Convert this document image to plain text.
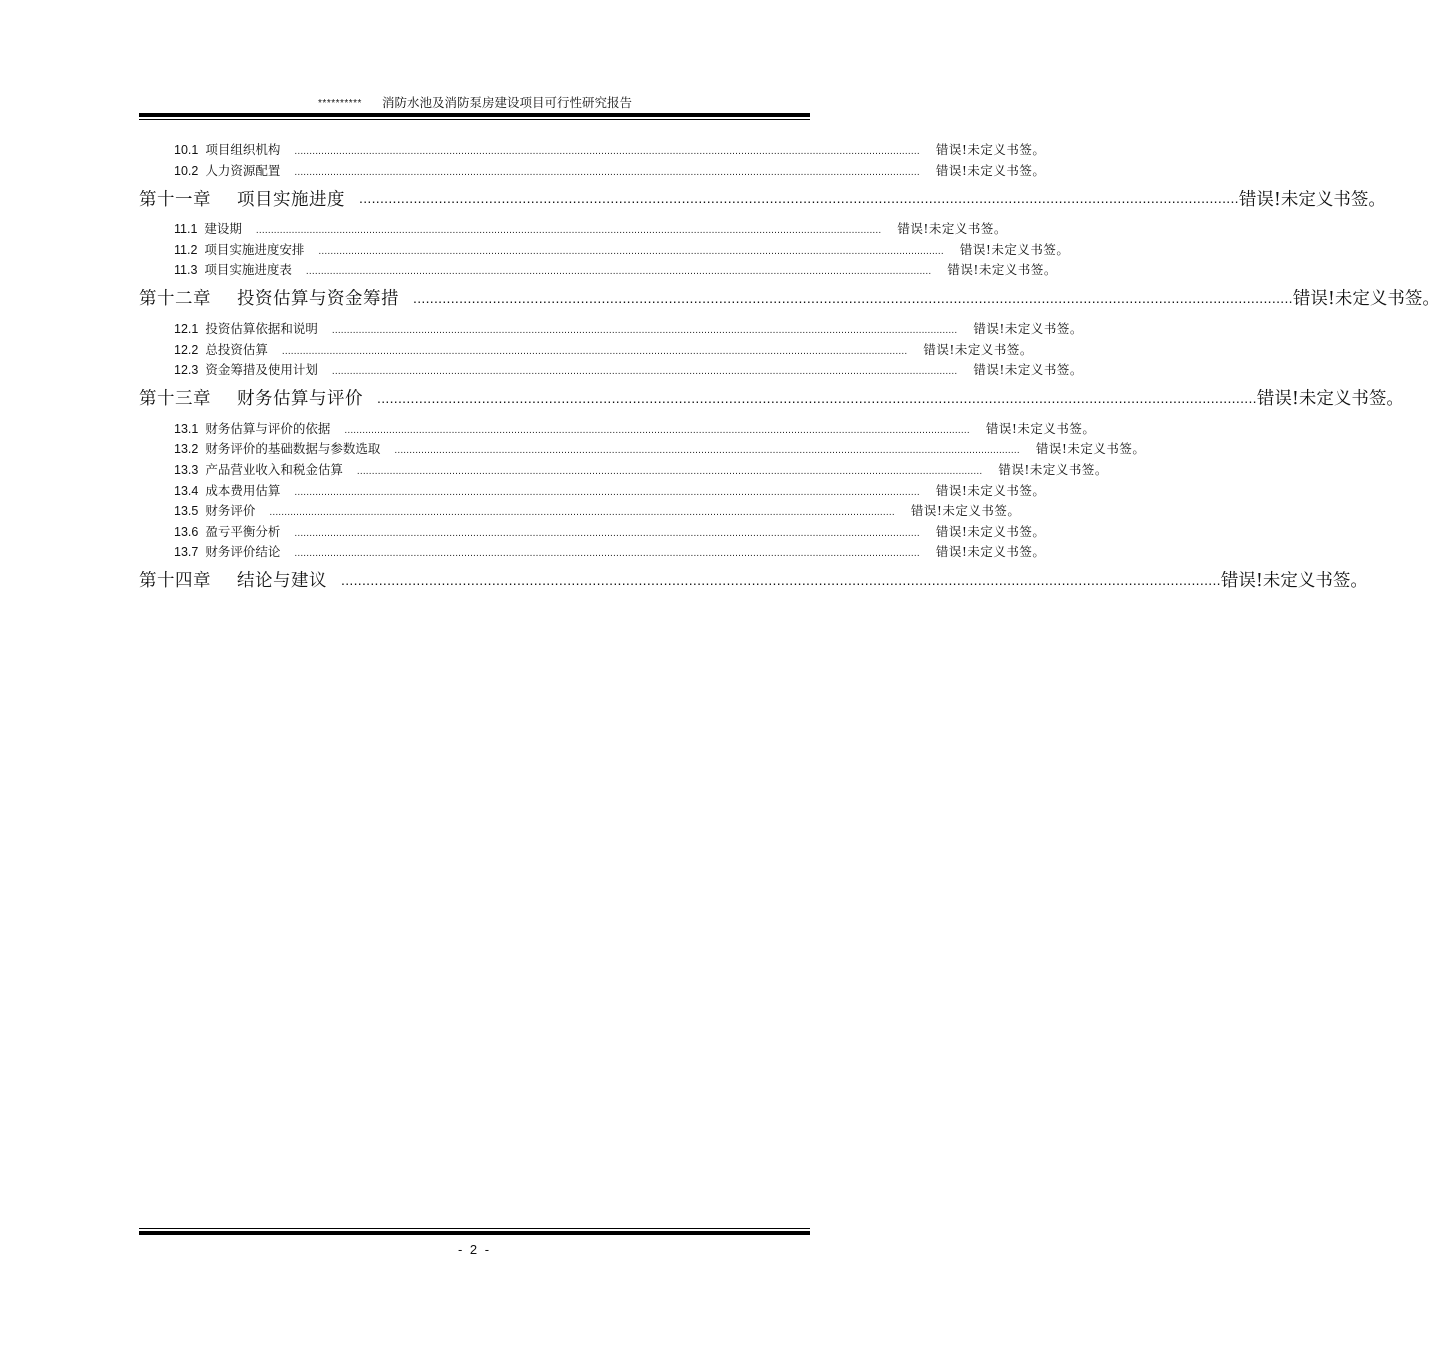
********** 消防水池及消防泵房建设项目可行性研究报告
10.1 项目组织机构 .................................................................................................................................................................................................................. 错误!未定义书签。
10.2 人力资源配置 .................................................................................................................................................................................................................. 错误!未定义书签。
第十一章 项目实施进度 .................................................................................................................................................................................................................. 错误!未定义书签。
11.1 建设期 .................................................................................................................................................................................................................. 错误!未定义书签。
11.2 项目实施进度安排 .................................................................................................................................................................................................................. 错误!未定义书签。
11.3 项目实施进度表 .................................................................................................................................................................................................................. 错误!未定义书签。
第十二章 投资估算与资金筹措 .................................................................................................................................................................................................................. 错误!未定义书签。
12.1 投资估算依据和说明 .................................................................................................................................................................................................................. 错误!未定义书签。
12.2 总投资估算 .................................................................................................................................................................................................................. 错误!未定义书签。
12.3 资金筹措及使用计划 .................................................................................................................................................................................................................. 错误!未定义书签。
第十三章 财务估算与评价 .................................................................................................................................................................................................................. 错误!未定义书签。
13.1 财务估算与评价的依据 .................................................................................................................................................................................................................. 错误!未定义书签。
13.2 财务评价的基础数据与参数选取 .................................................................................................................................................................................................................. 错误!未定义书签。
13.3 产品营业收入和税金估算 .................................................................................................................................................................................................................. 错误!未定义书签。
13.4 成本费用估算 .................................................................................................................................................................................................................. 错误!未定义书签。
13.5 财务评价 .................................................................................................................................................................................................................. 错误!未定义书签。
13.6 盈亏平衡分析 .................................................................................................................................................................................................................. 错误!未定义书签。
13.7 财务评价结论 .................................................................................................................................................................................................................. 错误!未定义书签。
第十四章 结论与建议 .................................................................................................................................................................................................................. 错误!未定义书签。
- 2 -
